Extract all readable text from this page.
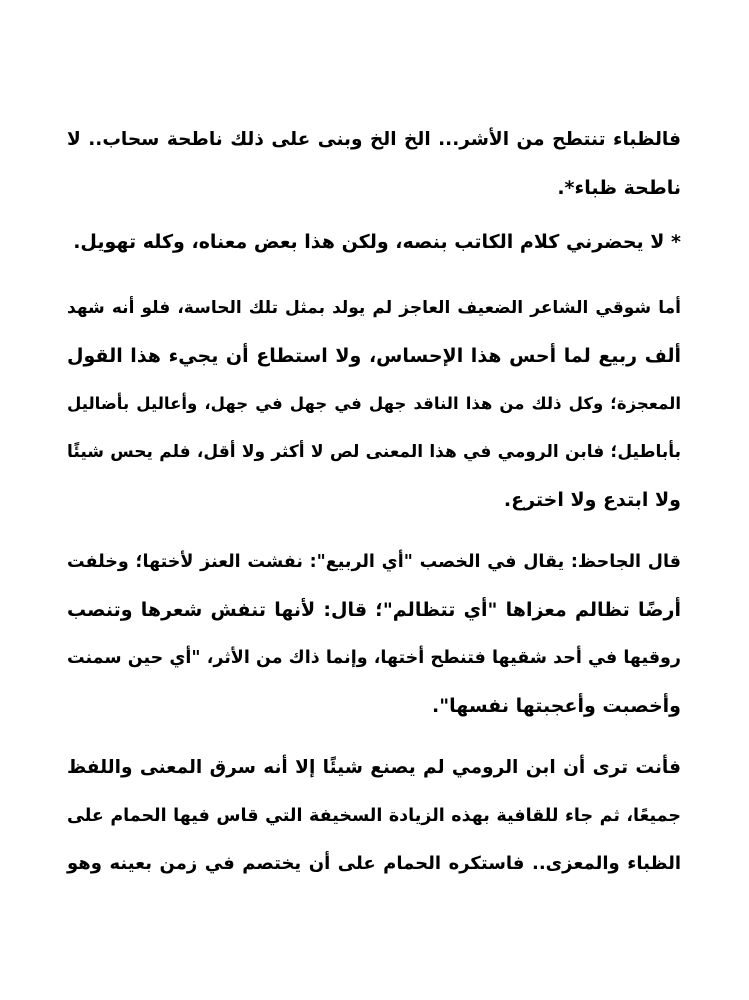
فالظباء تنتطح من الأشر... الخ الخ وبنى على ذلك ناطحة سحاب.. لا
ناطحة ظباء*.
* لا يحضرني كلام الكاتب بنصه، ولكن هذا بعض معناه، وكله تهويل.
أما شوقي الشاعر الضعيف العاجز لم يولد بمثل تلك الحاسة، فلو أنه شهد
ألف ربيع لما أحس هذا الإحساس، ولا استطاع أن يجيء هذا القول
المعجزة؛ وكل ذلك من هذا الناقد جهل في جهل في جهل، وأعاليل بأضاليل
بأباطيل؛ فابن الرومي في هذا المعنى لص لا أكثر ولا أقل، فلم يحس شيئًا
ولا ابتدع ولا اخترع.
قال الجاحظ: يقال في الخصب "أي الربيع": نفشت العنز لأختها؛ وخلفت
أرضًا تظالم معزاها "أي تتظالم"؛ قال: لأنها تنفش شعرها وتنصب
روقيها في أحد شقيها فتنطح أختها، وإنما ذاك من الأثر، "أي حين سمنت
وأخصبت وأعجبتها نفسها".
فأنت ترى أن ابن الرومي لم يصنع شيئًا إلا أنه سرق المعنى واللفظ
جميعًا، ثم جاء للقافية بهذه الزيادة السخيفة التي قاس فيها الحمام على
الظباء والمعزى.. فاستكره الحمام على أن يختصم في زمن بعينه وهو
